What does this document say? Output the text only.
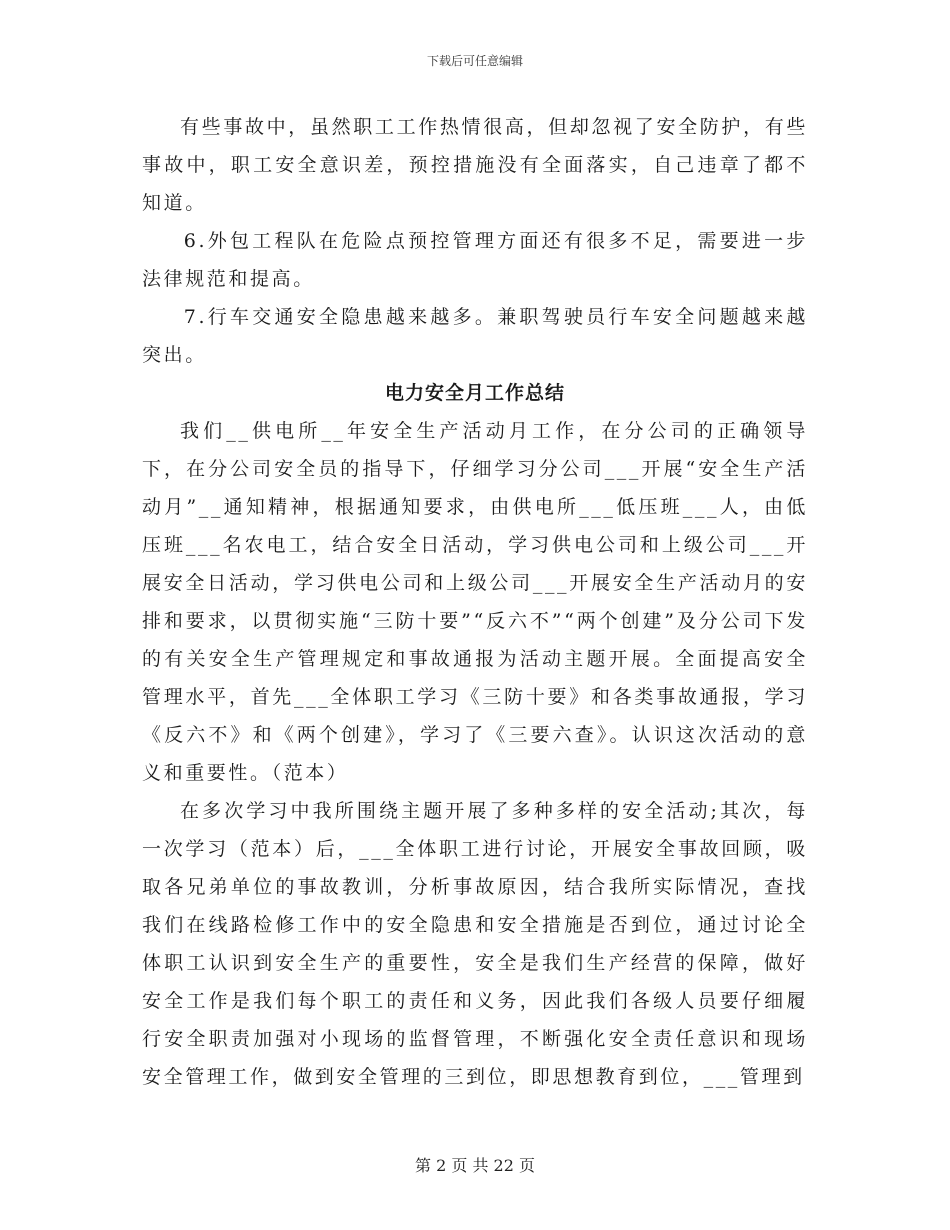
下载后可任意编辑

有些事故中，虽然职工工作热情很高，但却忽视了安全防护，有些事故中，职工安全意识差，预控措施没有全面落实，自己违章了都不知道。

6.外包工程队在危险点预控管理方面还有很多不足，需要进一步法律规范和提高。

7.行车交通安全隐患越来越多。兼职驾驶员行车安全问题越来越突出。

电力安全月工作总结

我们__供电所__年安全生产活动月工作，在分公司的正确领导下，在分公司安全员的指导下，仔细学习分公司___开展“安全生产活动月”__通知精神，根据通知要求，由供电所___低压班___人，由低压班___名农电工，结合安全日活动，学习供电公司和上级公司___开展安全日活动，学习供电公司和上级公司___开展安全生产活动月的安排和要求，以贯彻实施“三防十要”“反六不”“两个创建”及分公司下发的有关安全生产管理规定和事故通报为活动主题开展。全面提高安全管理水平，首先___全体职工学习《三防十要》和各类事故通报，学习《反六不》和《两个创建》，学习了《三要六查》。认识这次活动的意义和重要性。（范本）

在多次学习中我所围绕主题开展了多种多样的安全活动;其次，每一次学习（范本）后，___全体职工进行讨论，开展安全事故回顾，吸取各兄弟单位的事故教训，分析事故原因，结合我所实际情况，查找我们在线路检修工作中的安全隐患和安全措施是否到位，通过讨论全体职工认识到安全生产的重要性，安全是我们生产经营的保障，做好安全工作是我们每个职工的责任和义务，因此我们各级人员要仔细履行安全职责加强对小现场的监督管理，不断强化安全责任意识和现场安全管理工作，做到安全管理的三到位，即思想教育到位，___管理到

第 2 页 共 22 页
